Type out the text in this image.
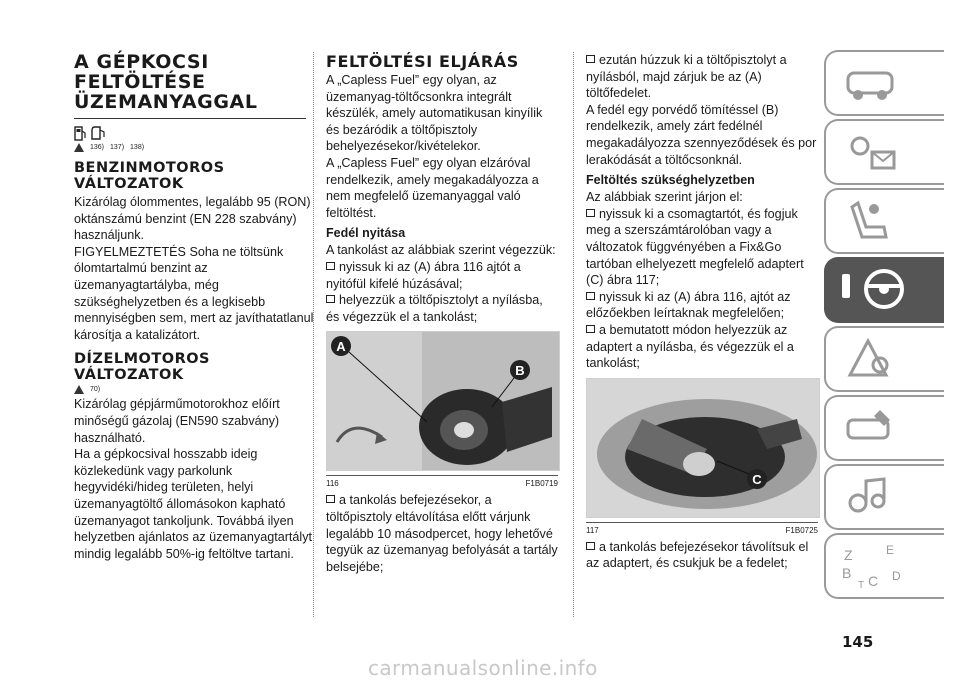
A GÉPKOCSI FELTÖLTÉSE ÜZEMANYAGGAL
136) 137) 138)
BENZINMOTOROS VÁLTOZATOK

Kizárólag ólommentes, legalább 95 (RON) oktánszámú benzint (EN 228 szabvány) használjunk.

FIGYELMEZTETÉS Soha ne töltsünk ólomtartalmú benzint az üzemanyagtartályba, még szükséghelyzetben és a legkisebb mennyiségben sem, mert az javíthatatlanul károsítja a katalizátort.

DÍZELMOTOROS VÁLTOZATOK
70)

Kizárólag gépjárműmotorokhoz előírt minőségű gázolaj (EN590 szabvány) használható.

Ha a gépkocsival hosszabb ideig közlekedünk vagy parkolunk hegyvidéki/hideg területen, helyi üzemanyagtöltő állomásokon kapható üzemanyagot tankoljunk. Továbbá ilyen helyzetben ajánlatos az üzemanyagtartályt mindig legalább 50%-ig feltöltve tartani.

FELTÖLTÉSI ELJÁRÁS

A „Capless Fuel” egy olyan, az üzemanyag-töltőcsonkra integrált készülék, amely automatikusan kinyílik és bezáródik a töltőpisztoly behelyezésekor/kivételekor.

A „Capless Fuel” egy olyan elzáróval rendelkezik, amely megakadályozza a nem megfelelő üzemanyaggal való feltöltést.

Fedél nyitása

A tankolást az alábbiak szerint végezzük:

nyissuk ki az (A) ábra 116 ajtót a nyitófül kifelé húzásával;

helyezzük a töltőpisztolyt a nyílásba, és végezzük el a tankolást;

A
B
116	F1B0719

a tankolás befejezésekor, a töltőpisztoly eltávolítása előtt várjunk legalább 10 másodpercet, hogy lehetővé tegyük az üzemanyag befolyását a tartály belsejébe;

ezután húzzuk ki a töltőpisztolyt a nyílásból, majd zárjuk be az (A) töltőfedelet.

A fedél egy porvédő tömítéssel (B) rendelkezik, amely zárt fedélnél megakadályozza szennyeződések és por lerakódását a töltőcsonknál.

Feltöltés szükséghelyzetben

Az alábbiak szerint járjon el:

nyissuk ki a csomagtartót, és fogjuk meg a szerszámtárolóban vagy a változatok függvényében a Fix&Go tartóban elhelyezett megfelelő adaptert (C) ábra 117;

nyissuk ki az (A) ábra 116, ajtót az előzőekben leírtaknak megfelelően;

a bemutatott módon helyezzük az adaptert a nyílásba, és végezzük el a tankolást;

C
117	F1B0725

a tankolás befejezésekor távolítsuk el az adaptert, és csukjuk be a fedelet;

Z	E
B C D
T
145
carmanualsonline.info
